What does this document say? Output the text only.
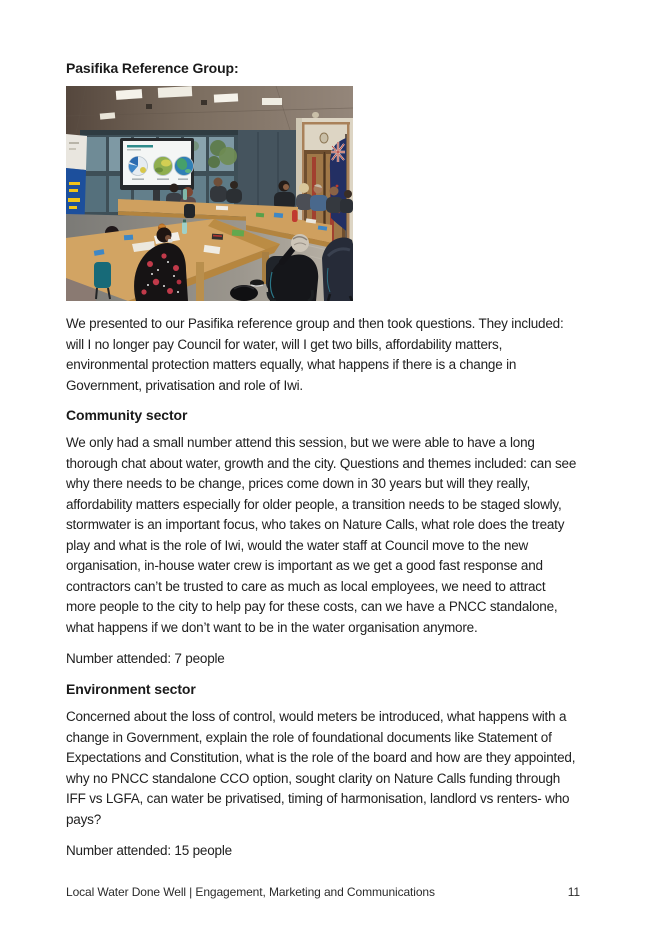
Pasifika Reference Group:

We presented to our Pasifika reference group and then took questions. They included: will I no longer pay Council for water, will I get two bills, affordability matters, environmental protection matters equally, what happens if there is a change in Government, privatisation and role of Iwi.

Community sector

We only had a small number attend this session, but we were able to have a long thorough chat about water, growth and the city. Questions and themes included: can see why there needs to be change, prices come down in 30 years but will they really, affordability matters especially for older people, a transition needs to be staged slowly, stormwater is an important focus, who takes on Nature Calls, what role does the treaty play and what is the role of Iwi, would the water staff at Council move to the new organisation, in-house water crew is important as we get a good fast response and contractors can’t be trusted to care as much as local employees, we need to attract more people to the city to help pay for these costs, can we have a PNCC standalone, what happens if we don’t want to be in the water organisation anymore.

Number attended: 7 people

Environment sector

Concerned about the loss of control, would meters be introduced, what happens with a change in Government, explain the role of foundational documents like Statement of Expectations and Constitution, what is the role of the board and how are they appointed, why no PNCC standalone CCO option, sought clarity on Nature Calls funding through IFF vs LGFA, can water be privatised, timing of harmonisation, landlord vs renters- who pays?

Number attended: 15 people

Local Water Done Well | Engagement, Marketing and Communications	11
